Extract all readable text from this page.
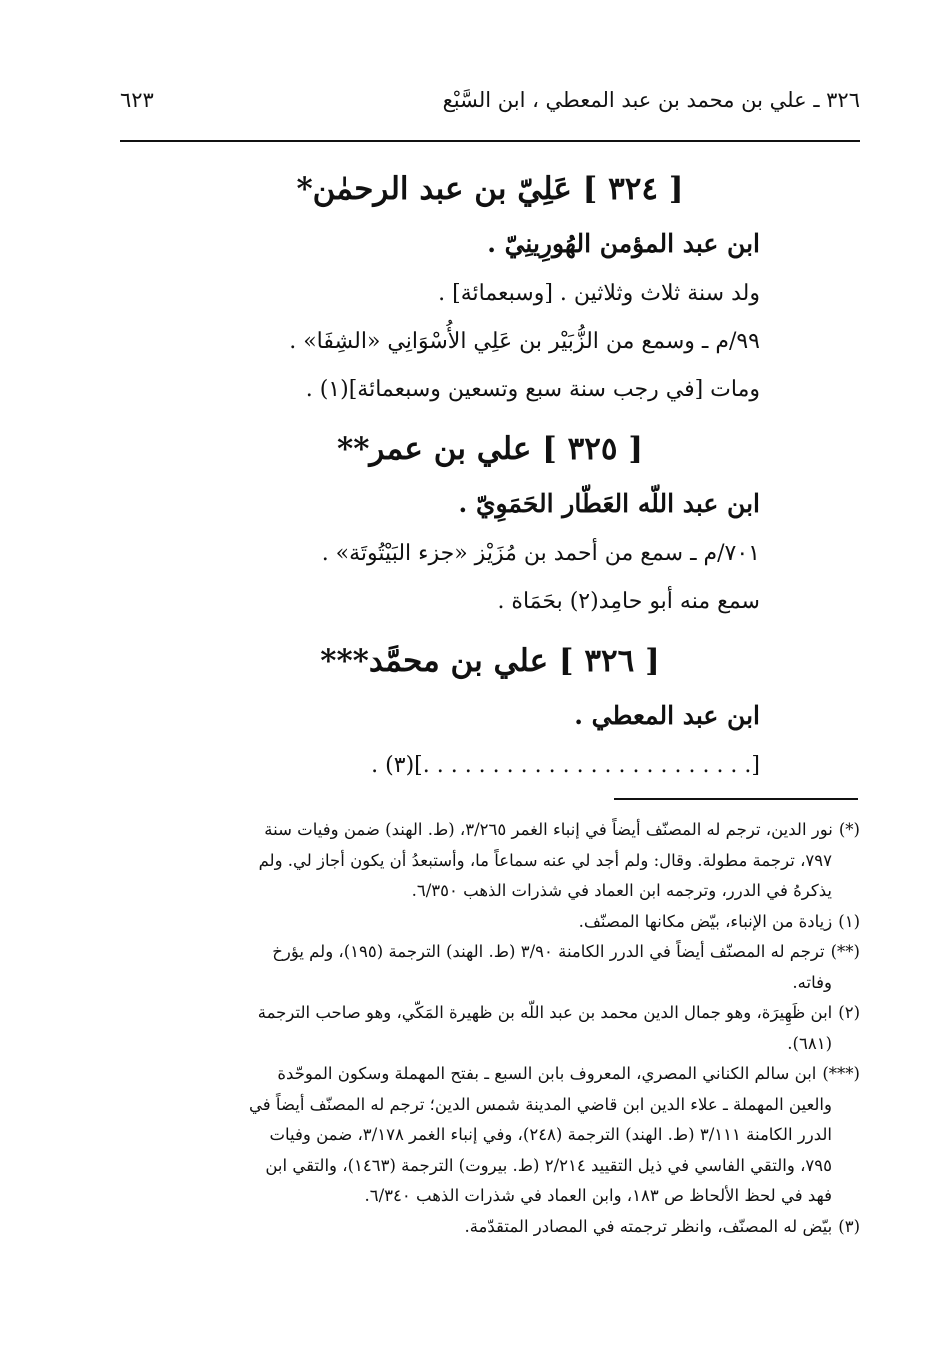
٣٢٦ ـ علي بن محمد بن عبد المعطي ، ابن السَّبْع
٦٢٣
[ ٣٢٤ ] عَلِيّ بن عبد الرحمٰن*
ابن عبد المؤمن الهُورِينِيّ .
ولد سنة ثلاث وثلاثين . [وسبعمائة] .
٩٩/م ـ وسمع من الزُّبَيْر بن عَلِي الأُسْوَانِي «الشِفَا» .
ومات [في رجب سنة سبع وتسعين وسبعمائة](١) .
[ ٣٢٥ ] علي بن عمر**
ابن عبد اللّه العَطّار الحَمَوِيّ .
٧٠١/م ـ سمع من أحمد بن مُزَيْز «جزء البَيْتُوتَة» .
سمع منه أبو حامِد(٢) بحَمَاة .
[ ٣٢٦ ] علي بن محمَّد***
ابن عبد المعطي .
[. . . . . . . . . . . . . . . . . . . . . . . .](٣) .
(*)نور الدين، ترجم له المصنّف أيضاً في إنباء الغمر ٣/٢٦٥، (ط. الهند) ضمن وفيات سنة
٧٩٧، ترجمة مطولة. وقال: ولم أجد لي عنه سماعاً ما، وأستبعدُ أن يكون أجاز لي. ولم
يذكرهُ في الدرر، وترجمه ابن العماد في شذرات الذهب ٦/٣٥٠.
(١)زيادة من الإنباء، بيّض مكانها المصنّف.
(**)ترجم له المصنّف أيضاً في الدرر الكامنة ٣/٩٠ (ط. الهند) الترجمة (١٩٥)، ولم يؤرخ
وفاته.
(٢)ابن ظَهِيرَة، وهو جمال الدين محمد بن عبد اللّه بن ظهيرة المَكّي، وهو صاحب الترجمة
(٦٨١).
(***)ابن سالم الكناني المصري، المعروف بابن السبع ـ بفتح المهملة وسكون الموحّدة
والعين المهملة ـ علاء الدين ابن قاضي المدينة شمس الدين؛ ترجم له المصنّف أيضاً في
الدرر الكامنة ٣/١١١ (ط. الهند) الترجمة (٢٤٨)، وفي إنباء الغمر ٣/١٧٨، ضمن وفيات
٧٩٥، والتقي الفاسي في ذيل التقييد ٢/٢١٤ (ط. بيروت) الترجمة (١٤٦٣)، والتقي ابن
فهد في لحظ الألحاظ ص ١٨٣، وابن العماد في شذرات الذهب ٦/٣٤٠.
(٣)بيّض له المصنّف، وانظر ترجمته في المصادر المتقدّمة.
